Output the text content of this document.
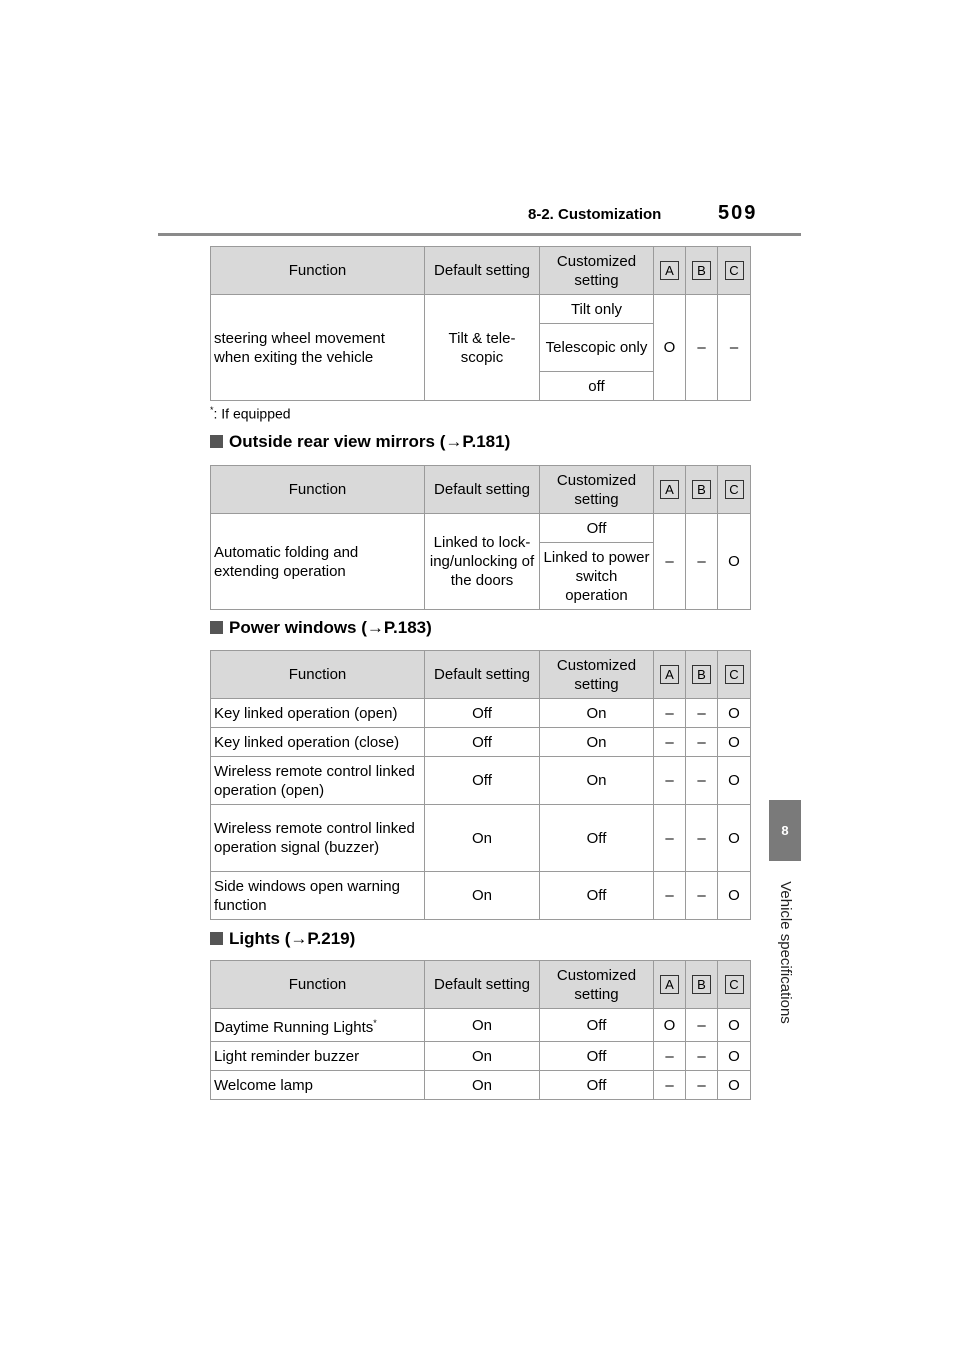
8-2. Customization	509
8
Vehicle specifications
Function	Default setting	Customized setting	A	B	C
steering wheel movement when exiting the vehicle	Tilt & tele-scopic	Tilt only	O	–	–
		Telescopic only			
		off			
*: If equipped
Outside rear view mirrors (→P.181)
Function	Default setting	Customized setting	A	B	C
Automatic folding and extending operation	Linked to lock-ing/unlocking of the doors	Off	–	–	O
		Linked to power switch operation			
Power windows (→P.183)
Function	Default setting	Customized setting	A	B	C
Key linked operation (open)	Off	On	–	–	O
Key linked operation (close)	Off	On	–	–	O
Wireless remote control linked operation (open)	Off	On	–	–	O
Wireless remote control linked operation signal (buzzer)	On	Off	–	–	O
Side windows open warning function	On	Off	–	–	O
Lights (→P.219)
Function	Default setting	Customized setting	A	B	C
Daytime Running Lights*	On	Off	O	–	O
Light reminder buzzer	On	Off	–	–	O
Welcome lamp	On	Off	–	–	O
